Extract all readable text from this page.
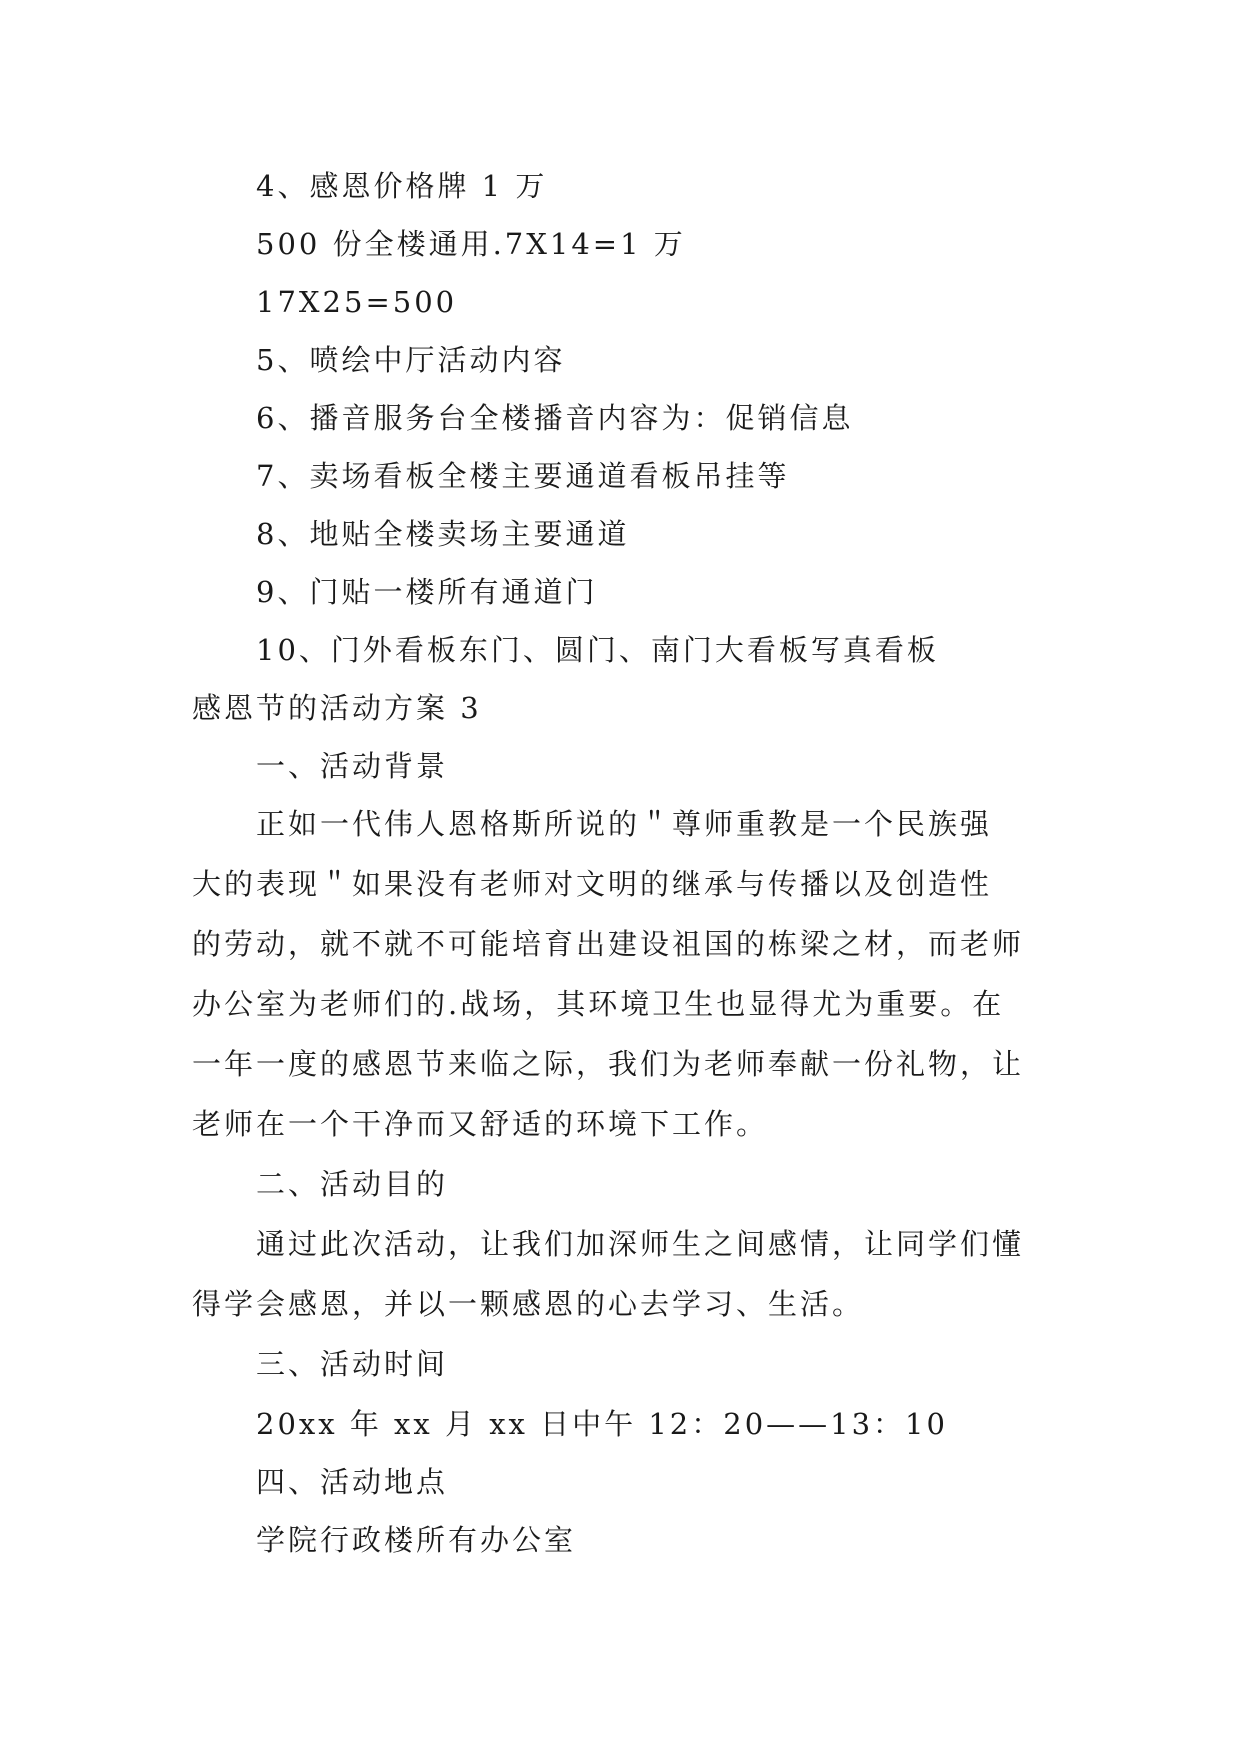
4、感恩价格牌 1 万
500 份全楼通用.7X14=1 万
17X25=500
5、喷绘中厅活动内容
6、播音服务台全楼播音内容为：促销信息
7、卖场看板全楼主要通道看板吊挂等
8、地贴全楼卖场主要通道
9、门贴一楼所有通道门
10、门外看板东门、圆门、南门大看板写真看板
感恩节的活动方案 3
一、活动背景
正如一代伟人恩格斯所说的＂尊师重教是一个民族强
大的表现＂如果没有老师对文明的继承与传播以及创造性
的劳动，就不就不可能培育出建设祖国的栋梁之材，而老师
办公室为老师们的.战场，其环境卫生也显得尤为重要。在
一年一度的感恩节来临之际，我们为老师奉献一份礼物，让
老师在一个干净而又舒适的环境下工作。
二、活动目的
通过此次活动，让我们加深师生之间感情，让同学们懂
得学会感恩，并以一颗感恩的心去学习、生活。
三、活动时间
20xx 年 xx 月 xx 日中午 12：20——13：10
四、活动地点
学院行政楼所有办公室
